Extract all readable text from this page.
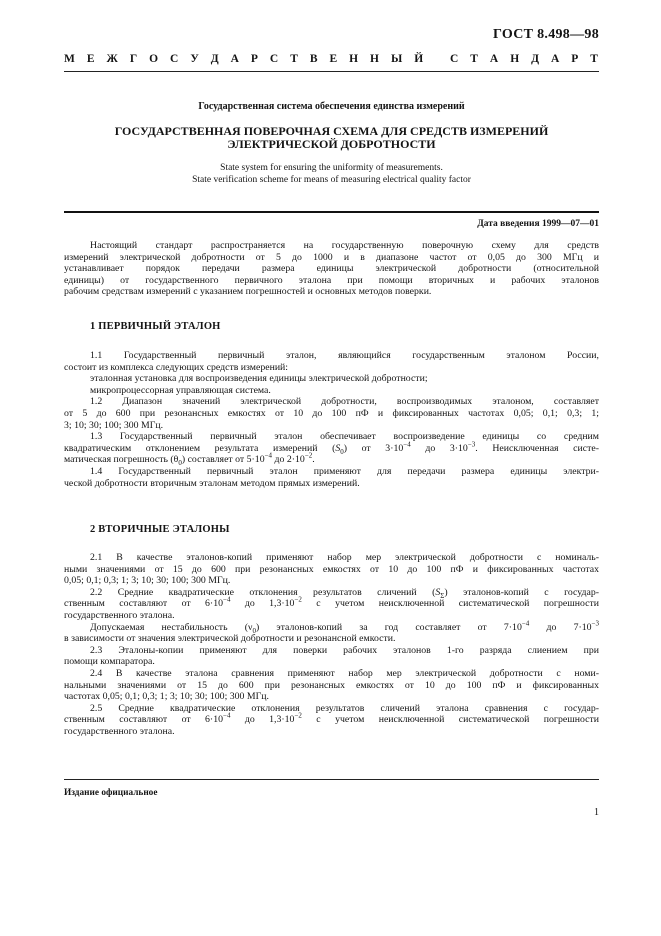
ГОСТ 8.498—98
М Е Ж Г О С У Д А Р С Т В Е Н Н Ы Й
С Т А Н Д А Р Т
Государственная система обеспечения единства измерений
ГОСУДАРСТВЕННАЯ ПОВЕРОЧНАЯ СХЕМА ДЛЯ СРЕДСТВ ИЗМЕРЕНИЙ
ЭЛЕКТРИЧЕСКОЙ ДОБРОТНОСТИ
State system for ensuring the uniformity of measurements.
State verification scheme for means of measuring electrical quality factor
Дата введения 1999—07—01
Настоящий стандарт распространяется на государственную поверочную схему для средств
измерений электрической добротности от 5 до 1000 и в диапазоне частот от 0,05 до 300 МГц и
устанавливает порядок передачи размера единицы электрической добротности (относительной
единицы) от государственного первичного эталона при помощи вторичных и рабочих эталонов
рабочим средствам измерений с указанием погрешностей и основных методов поверки.
1 ПЕРВИЧНЫЙ ЭТАЛОН
1.1 Государственный первичный эталон, являющийся государственным эталоном России,
состоит из комплекса следующих средств измерений:
эталонная установка для воспроизведения единицы электрической добротности;
микропроцессорная управляющая система.
1.2 Диапазон значений электрической добротности, воспроизводимых эталоном, составляет
от 5 до 600 при резонансных емкостях от 10 до 100 пФ и фиксированных частотах 0,05; 0,1; 0,3; 1;
3; 10; 30; 100; 300 МГц.
1.3 Государственный первичный эталон обеспечивает воспроизведение единицы со средним
квадратическим отклонением результата измерений $(S_0)$ от $3\cdot 10^{-4}$ до $3\cdot 10^{-3}$. Неисключенная систе-
матическая погрешность $(\theta_0)$ составляет от $5\cdot 10^{-4}$ до $2\cdot 10^{-2}$.
1.4 Государственный первичный эталон применяют для передачи размера единицы электри-
ческой добротности вторичным эталонам методом прямых измерений.
2 ВТОРИЧНЫЕ ЭТАЛОНЫ
2.1 В качестве эталонов-копий применяют набор мер электрической добротности с номиналь-
ными значениями от 15 до 600 при резонансных емкостях от 10 до 100 пФ и фиксированных частотах
0,05; 0,1; 0,3; 1; 3; 10; 30; 100; 300 МГц.
2.2 Средние квадратические отклонения результатов сличений $(S_\Sigma)$ эталонов-копий с государ-
ственным составляют от $6\cdot 10^{-4}$ до $1,3\cdot 10^{-2}$ с учетом неисключенной систематической погрешности
государственного эталона.
Допускаемая нестабильность $(\nu_0)$ эталонов-копий за год составляет от $7\cdot 10^{-4}$ до $7\cdot 10^{-3}$
в зависимости от значения электрической добротности и резонансной емкости.
2.3 Эталоны-копии применяют для поверки рабочих эталонов 1-го разряда слиением при
помощи компаратора.
2.4 В качестве эталона сравнения применяют набор мер электрической добротности с номи-
нальными значениями от 15 до 600 при резонансных емкостях от 10 до 100 пФ и фиксированных
частотах 0,05; 0,1; 0,3; 1; 3; 10; 30; 100; 300 МГц.
2.5 Средние квадратические отклонения результатов сличений эталона сравнения с государ-
ственным составляют от $6\cdot 10^{-4}$ до $1,3\cdot 10^{-2}$ с учетом неисключенной систематической погрешности
государственного эталона.
Издание официальное
1
